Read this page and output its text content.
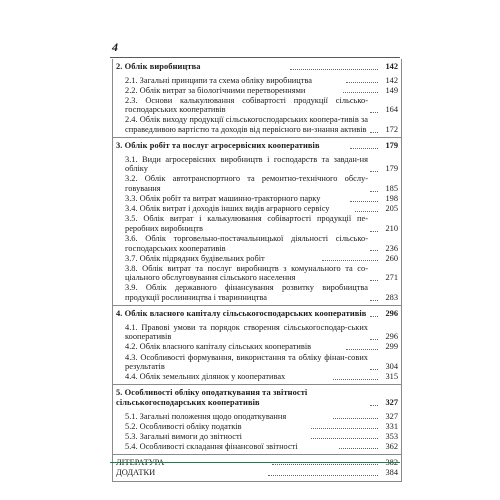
4
2. Облік виробництва	142
2.1. Загальні принципи та схема обліку виробництва	142
2.2. Облік витрат за біологічними перетвореннями	149
2.3. Основи калькулювання собівартості продукції сільсько-господарських кооперативів	164
2.4. Облік виходу продукції сільськогосподарських коопера-тивів за справедливою вартістю та доходів від первісного ви-знання активів	172
3. Облік робіт та послуг агросервісних кооперативів	179
3.1. Види агросервісних виробництв і господарств та завдан-ня обліку	179
3.2. Облік автотранспортного та ремонтно-технічного обслу-говування	185
3.3. Облік робіт та витрат машинно-тракторного парку	198
3.4. Облік витрат і доходів інших видів аграрного сервісу	205
3.5. Облік витрат і калькулювання собівартості продукції пе-реробних виробництв	210
3.6. Облік торговельно-постачальницької діяльності сільсько-господарських кооперативів	236
3.7. Облік підрядних будівельних робіт	260
3.8. Облік витрат та послуг виробництв з комунального та со-ціального обслуговування сільського населення	271
3.9. Облік державного фінансування розвитку виробництва продукції рослинництва і тваринництва	283
4. Облік власного капіталу сільськогосподарських кооперативів	296
4.1. Правові умови та порядок створення сільськогосподар-ських кооперативів	296
4.2. Облік власного капіталу сільських кооперативів	299
4.3. Особливості формування, використання та обліку фінан-сових результатів	304
4.4. Облік земельних ділянок у кооперативах	315
5. Особливості обліку оподаткування та звітності сільськогосподарських кооперативів	327
5.1. Загальні положення щодо оподаткування	327
5.2. Особливості обліку податків	331
5.3. Загальні вимоги до звітності	353
5.4. Особливості складання фінансової звітності	362
ЛІТЕРАТУРА	382
ДОДАТКИ	384
